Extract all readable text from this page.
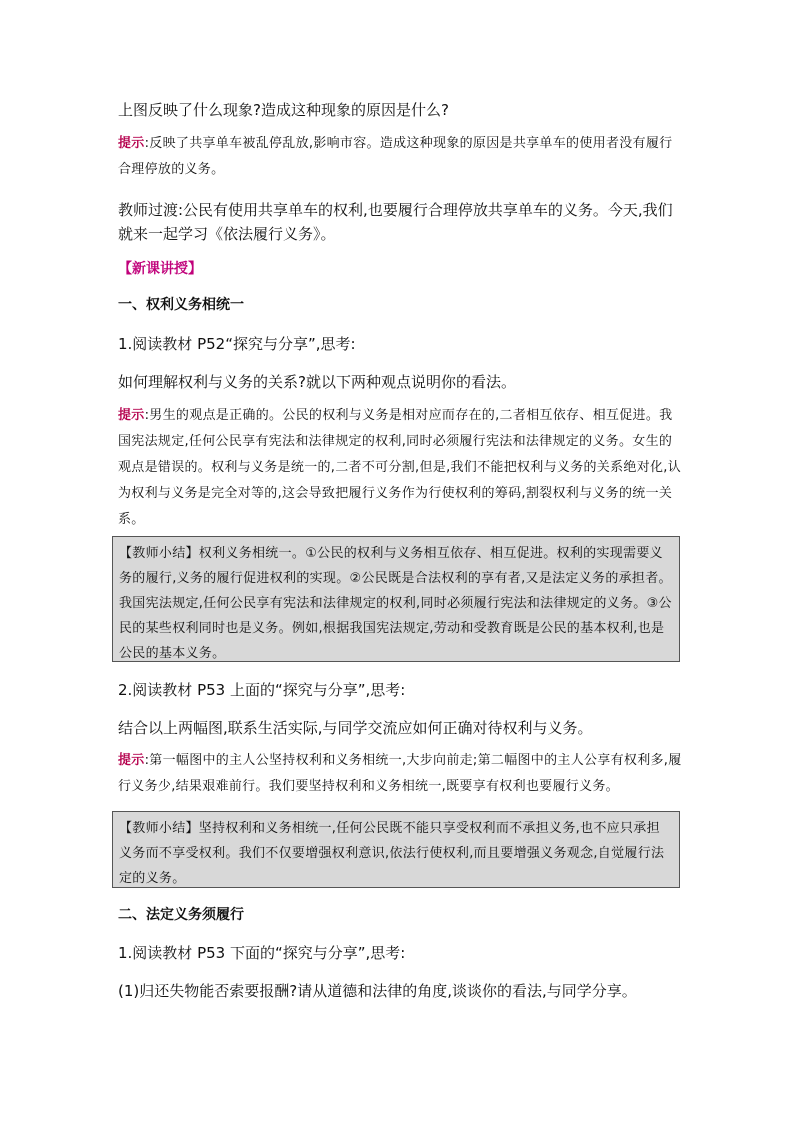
上图反映了什么现象?造成这种现象的原因是什么?

提示:反映了共享单车被乱停乱放,影响市容。造成这种现象的原因是共享单车的使用者没有履行合理停放的义务。

教师过渡:公民有使用共享单车的权利,也要履行合理停放共享单车的义务。今天,我们就来一起学习《依法履行义务》。

【新课讲授】
一、权利义务相统一

1.阅读教材 P52“探究与分享”,思考:

如何理解权利与义务的关系?就以下两种观点说明你的看法。

提示:男生的观点是正确的。公民的权利与义务是相对应而存在的,二者相互依存、相互促进。我国宪法规定,任何公民享有宪法和法律规定的权利,同时必须履行宪法和法律规定的义务。女生的观点是错误的。权利与义务是统一的,二者不可分割,但是,我们不能把权利与义务的关系绝对化,认为权利与义务是完全对等的,这会导致把履行义务作为行使权利的筹码,割裂权利与义务的统一关系。

【教师小结】权利义务相统一。①公民的权利与义务相互依存、相互促进。权利的实现需要义务的履行,义务的履行促进权利的实现。②公民既是合法权利的享有者,又是法定义务的承担者。我国宪法规定,任何公民享有宪法和法律规定的权利,同时必须履行宪法和法律规定的义务。③公民的某些权利同时也是义务。例如,根据我国宪法规定,劳动和受教育既是公民的基本权利,也是公民的基本义务。

2.阅读教材 P53 上面的“探究与分享”,思考:

结合以上两幅图,联系生活实际,与同学交流应如何正确对待权利与义务。

提示:第一幅图中的主人公坚持权利和义务相统一,大步向前走;第二幅图中的主人公享有权利多,履行义务少,结果艰难前行。我们要坚持权利和义务相统一,既要享有权利也要履行义务。

【教师小结】坚持权利和义务相统一,任何公民既不能只享受权利而不承担义务,也不应只承担义务而不享受权利。我们不仅要增强权利意识,依法行使权利,而且要增强义务观念,自觉履行法定的义务。
二、法定义务须履行

1.阅读教材 P53 下面的“探究与分享”,思考:

(1)归还失物能否索要报酬?请从道德和法律的角度,谈谈你的看法,与同学分享。
